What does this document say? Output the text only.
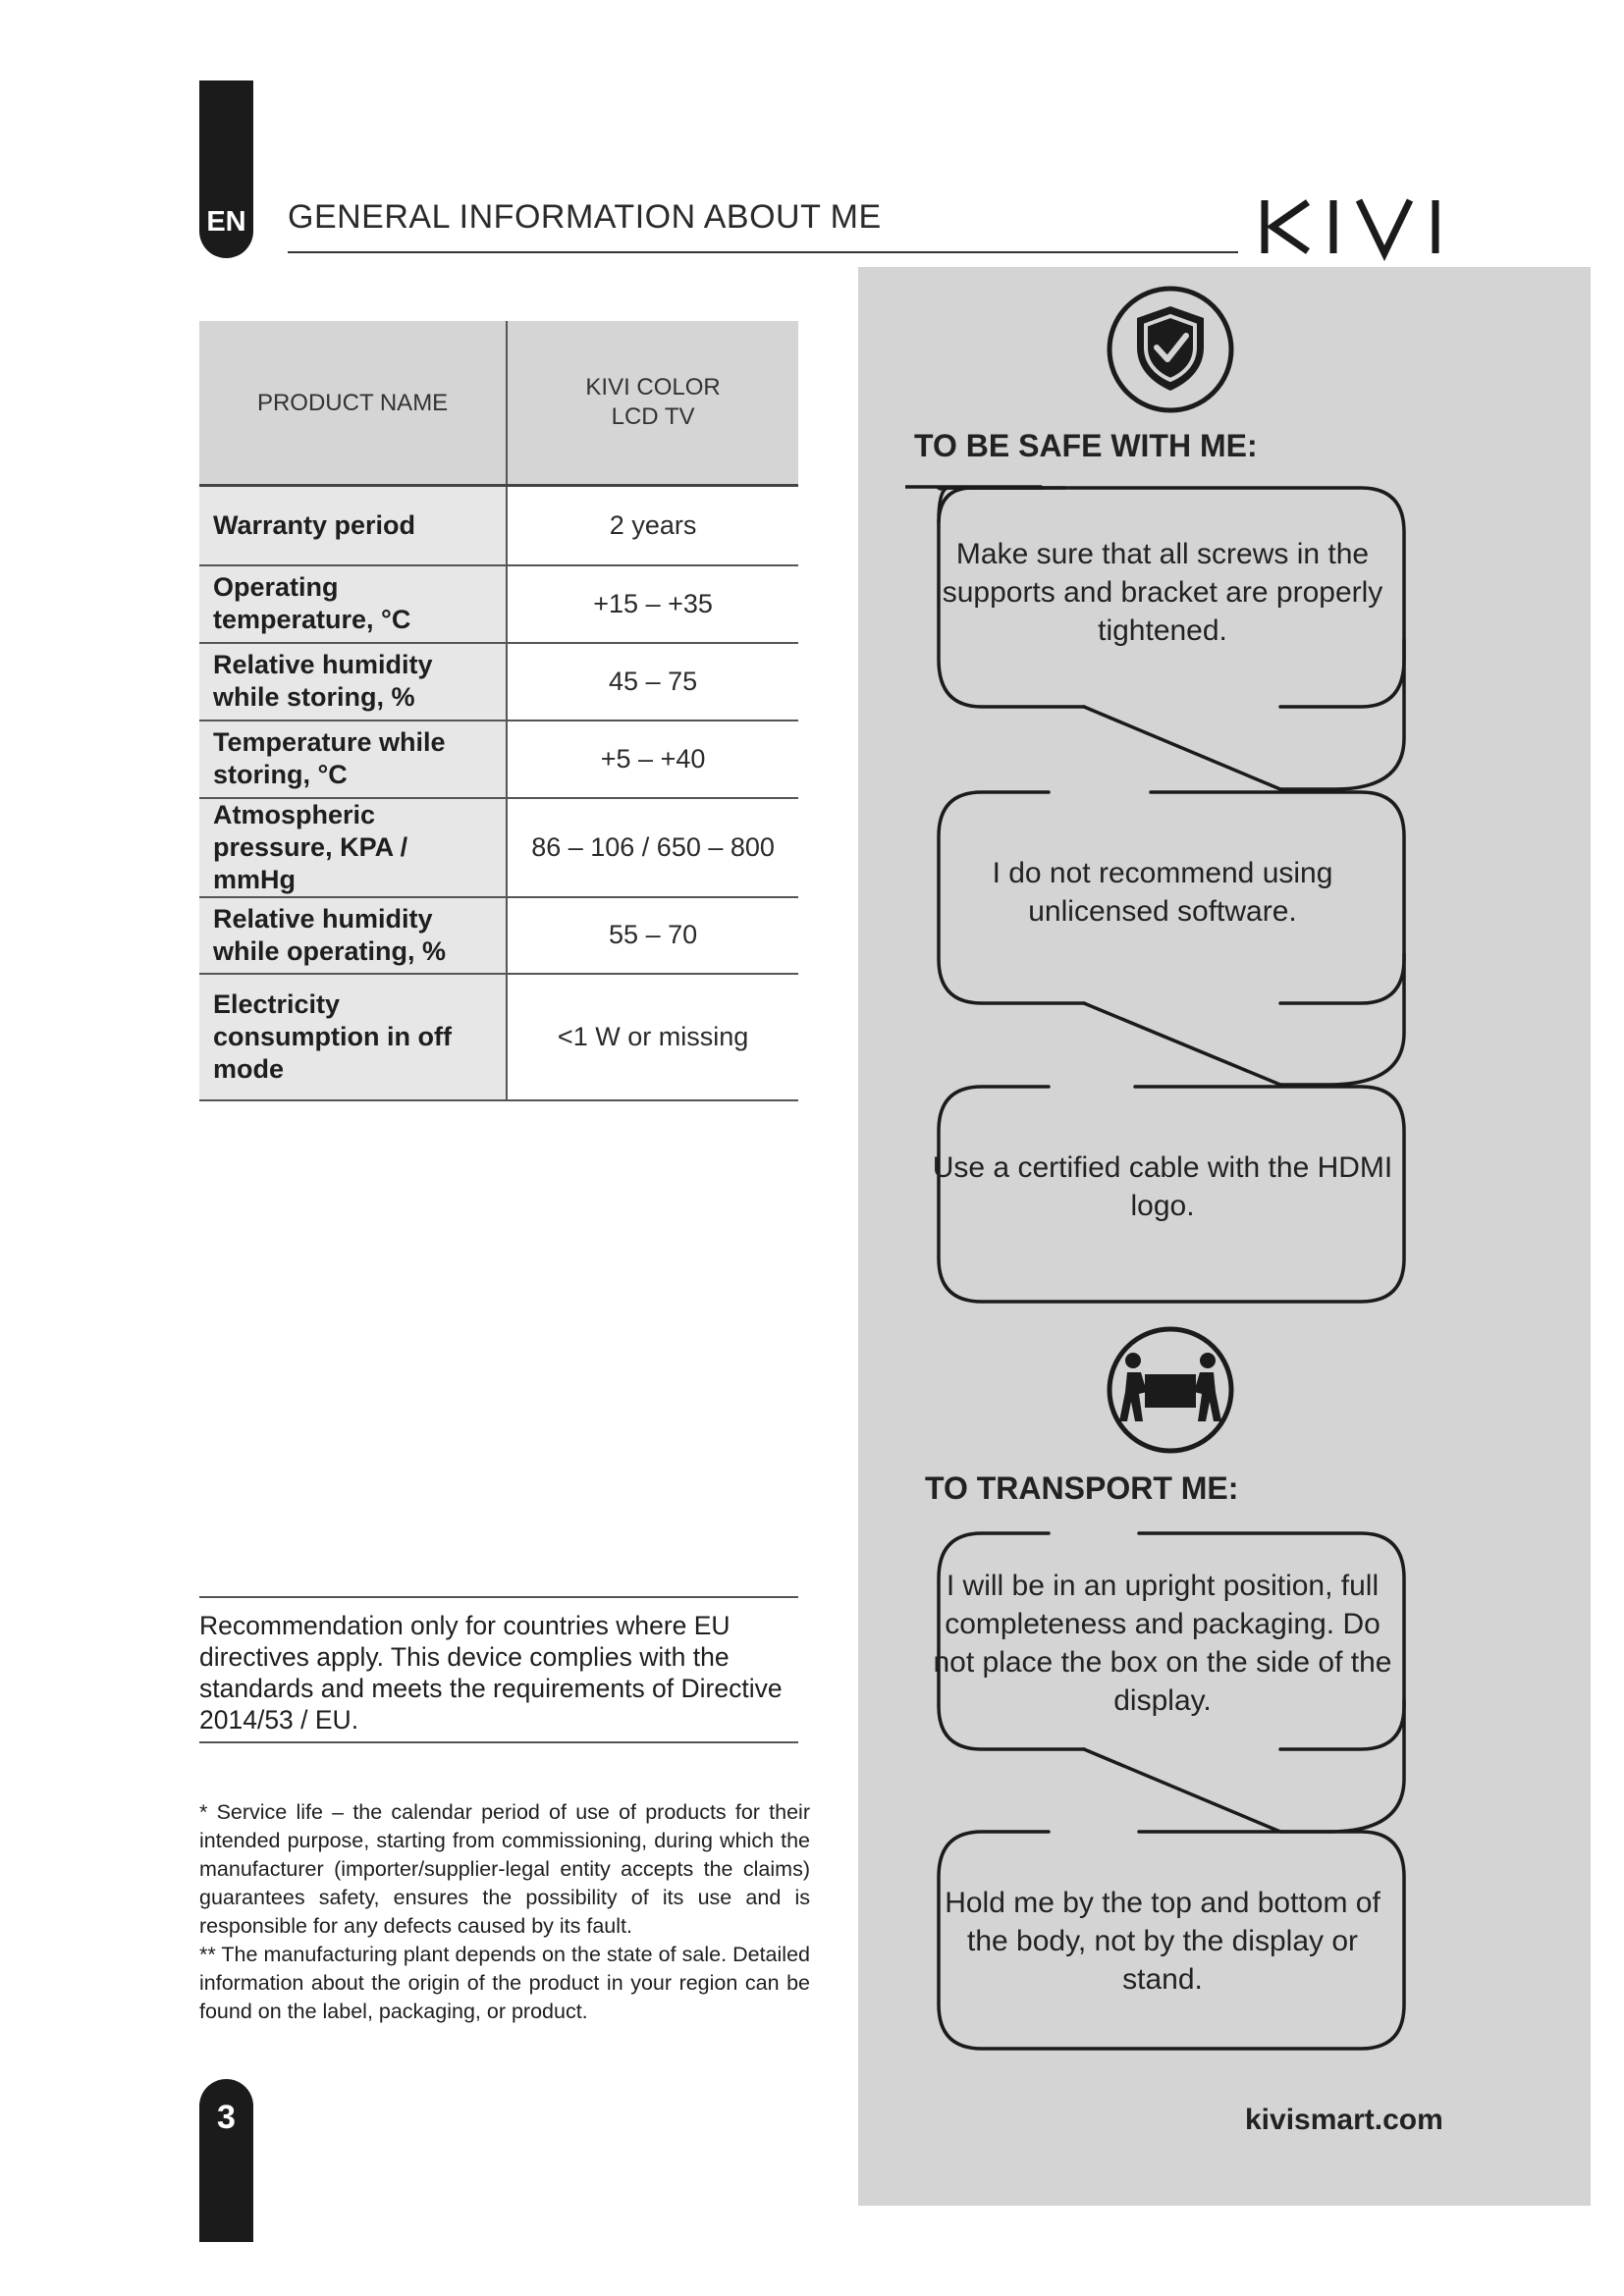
EN GENERAL INFORMATION ABOUT ME
PRODUCT NAME	KIVI COLOR
LCD TV
Warranty period	2 years
Operating temperature, °C	+15 – +35
Relative humidity while storing, %	45 – 75
Temperature while storing, °C	+5 – +40
Atmospheric pressure, KPA / mmHg	86 – 106 / 650 – 800
Relative humidity while operating, %	55 – 70
Electricity consumption in off mode	<1 W or missing
Recommendation only for countries where EU directives apply. This device complies with the standards and meets the requirements of Directive 2014/53 / EU.
* Service life – the calendar period of use of products for their intended purpose, starting from commissioning, during which the manufacturer (importer/supplier-legal entity accepts the claims) guarantees safety, ensures the possibility of its use and is responsible for any defects caused by its fault.
** The manufacturing plant depends on the state of sale. Detailed information about the origin of the product in your region can be found on the label, packaging, or product.
3
TO BE SAFE WITH ME:
Make sure that all screws in the supports and bracket are properly tightened.
I do not recommend using unlicensed software.
Use a certified cable with the HDMI logo.
TO TRANSPORT ME:
I will be in an upright position, full completeness and packaging. Do not place the box on the side of the display.
Hold me by the top and bottom of the body, not by the display or stand.
kivismart.com
